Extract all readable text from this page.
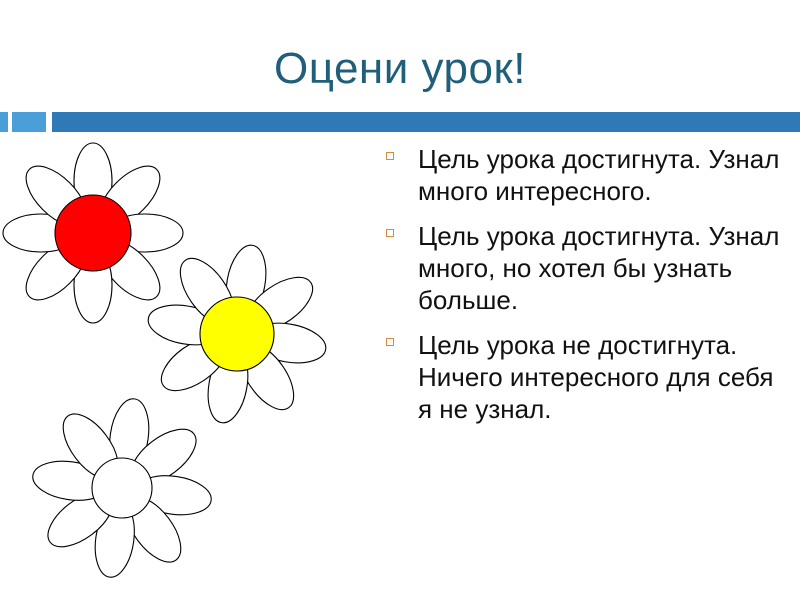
Оцени урок!
Цель урока достигнута. Узнал много интересного.
Цель урока достигнута. Узнал много, но хотел бы узнать больше.
Цель урока не достигнута. Ничего интересного для себя я не узнал.
